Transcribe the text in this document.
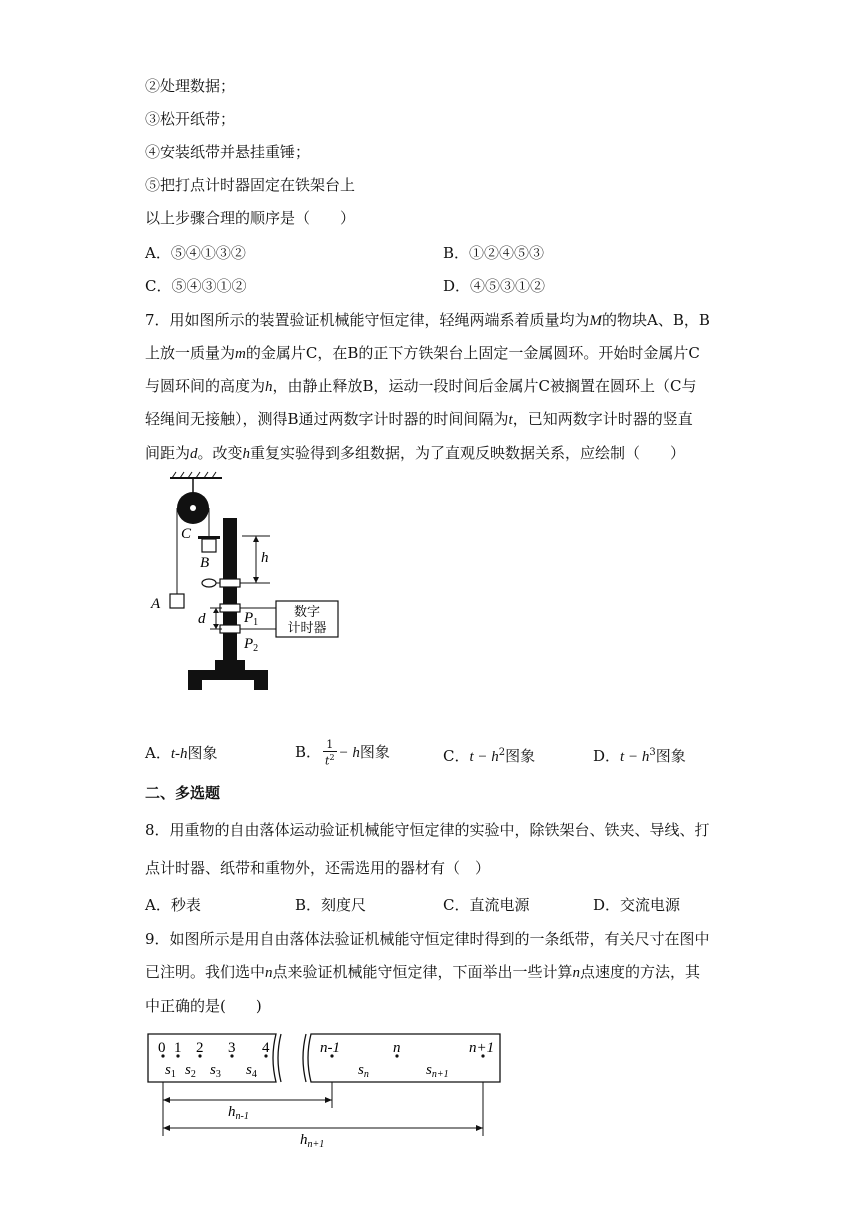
②处理数据；
③松开纸带；
④安装纸带并悬挂重锤；
⑤把打点计时器固定在铁架台上
以上步骤合理的顺序是（　　）
A．⑤④①③②	B．①②④⑤③
C．⑤④③①②	D．④⑤③①②
7．用如图所示的装置验证机械能守恒定律，轻绳两端系着质量均为M的物块A、B，B
上放一质量为m的金属片C，在B的正下方铁架台上固定一金属圆环。开始时金属片C
与圆环间的高度为h，由静止释放B，运动一段时间后金属片C被搁置在圆环上（C与
轻绳间无接触），测得B通过两数字计时器的时间间隔为t，已知两数字计时器的竖直
间距为d。改变h重复实验得到多组数据，为了直观反映数据关系，应绘制（　　）
A
C
B	h
$P_1$
$P_2$
d	数字
计时器
A．t-h图象	B． $\frac{1}{t^2} - h$图象	C．$t - h^2$图象	D．$t - h^3$图象
二、多选题
8．用重物的自由落体运动验证机械能守恒定律的实验中，除铁架台、铁夹、导线、打
点计时器、纸带和重物外，还需选用的器材有（　）
A．秒表	B．刻度尺	C．直流电源	D．交流电源
9．如图所示是用自由落体法验证机械能守恒定律时得到的一条纸带，有关尺寸在图中
已注明。我们选中n点来验证机械能守恒定律，下面举出一些计算n点速度的方法，其
中正确的是(　　)
0 1 2 3 4	n-1	n	n+1
$s_1$ $s_2$ $s_3$ $s_4$	$s_n$	$s_{n+1}$
$h_{n-1}$
$h_{n+1}$
